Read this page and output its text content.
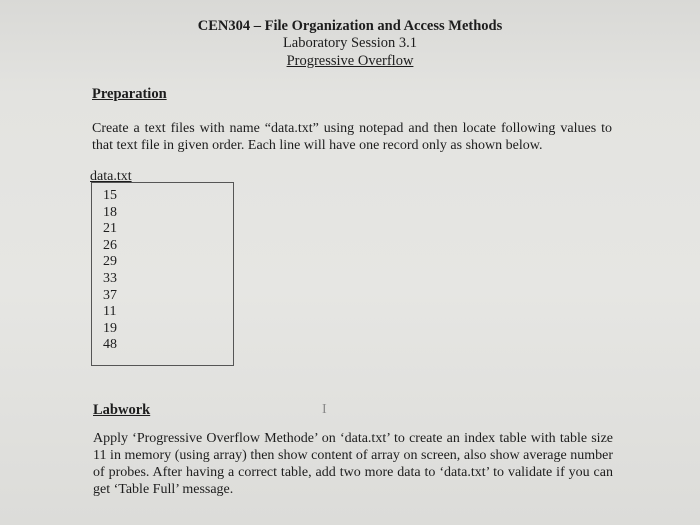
CEN304 – File Organization and Access Methods
Laboratory Session 3.1
Progressive Overflow
Preparation
Create a text files with name “data.txt” using notepad and then locate following values to that text file in given order. Each line will have one record only as shown below.
data.txt
15
18
21
26
29
33
37
11
19
48
I
Labwork
Apply ‘Progressive Overflow Methode’ on ‘data.txt’ to create an index table with table size 11 in memory (using array) then show content of array on screen, also show average number of probes. After having a correct table, add two more data to ‘data.txt’ to validate if you can get ‘Table Full’ message.
